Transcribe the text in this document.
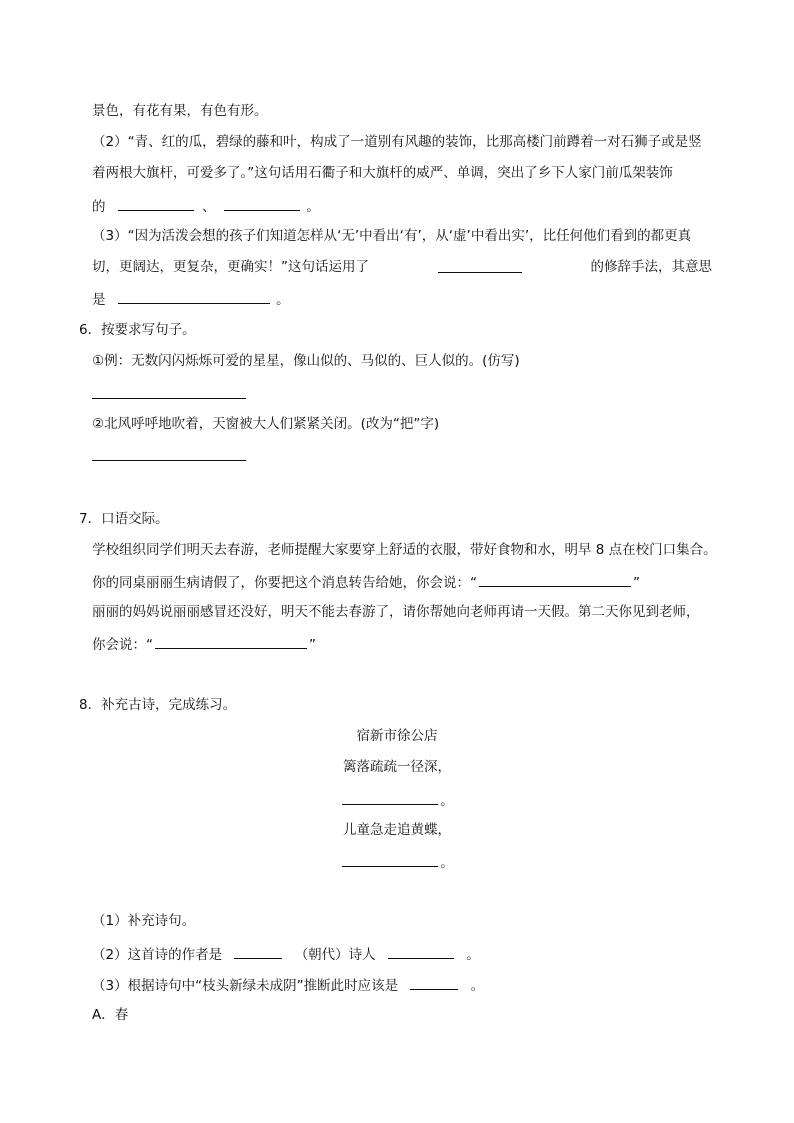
景色，有花有果，有色有形。
（2）“青、红的瓜，碧绿的藤和叶，构成了一道别有风趣的装饰，比那高楼门前蹲着一对石狮子或是竖
着两根大旗杆，可爱多了。”这句话用石衢子和大旗杆的威严、单调，突出了乡下人家门前瓜架装饰
的	、	。
（3）“因为活泼会想的孩子们知道怎样从‘无’中看出‘有’，从‘虚’中看出实’，比任何他们看到的都更真
切，更阔达，更复杂，更确实！”这句话运用了	的修辞手法，其意思
是	。
6．按要求写句子。
①例：无数闪闪烁烁可爱的星星，像山似的、马似的、巨人似的。(仿写)
②北风呼呼地吹着，天窗被大人们紧紧关闭。(改为“把”字)
7．口语交际。
学校组织同学们明天去春游，老师提醒大家要穿上舒适的衣服，带好食物和水，明早 8 点在校门口集合。
你的同桌丽丽生病请假了，你要把这个消息转告给她，你会说：“	”
丽丽的妈妈说丽丽感冒还没好，明天不能去春游了，请你帮她向老师再请一天假。第二天你见到老师，
你会说：“	”
8．补充古诗，完成练习。
宿新市徐公店
篱落疏疏一径深，
。
儿童急走追黄蝶，
。
（1）补充诗句。
（2）这首诗的作者是	（朝代）诗人	。
（3）根据诗句中“枝头新绿未成阴”推断此时应该是	。
A．春
